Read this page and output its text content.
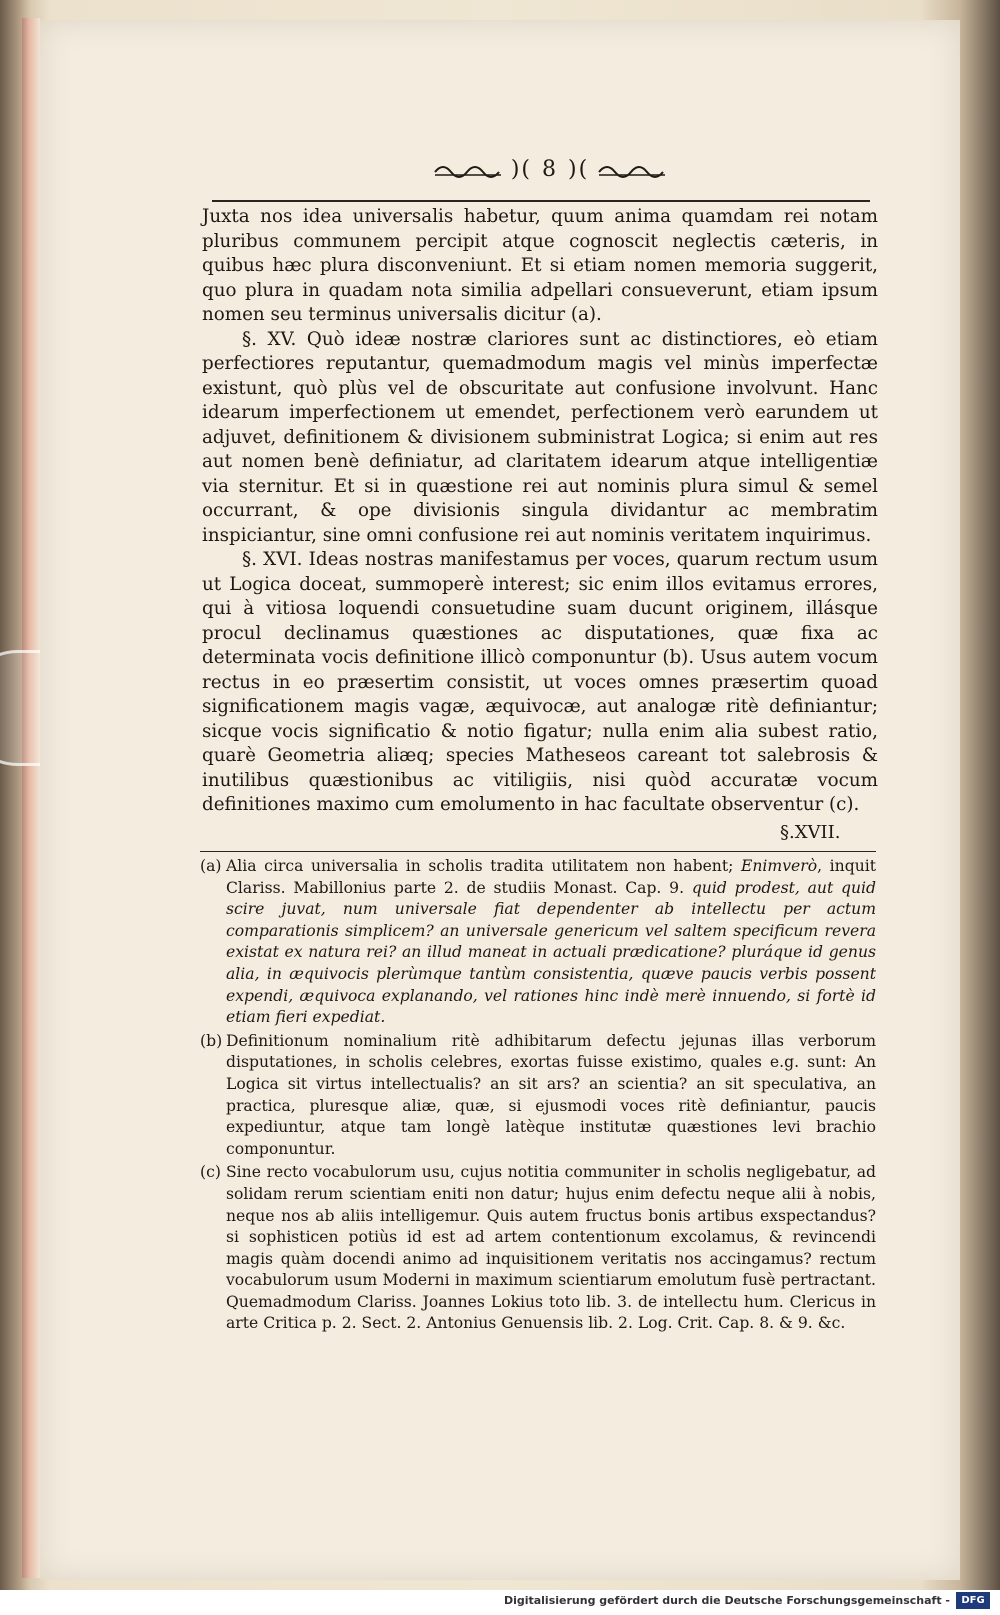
)( 8 )(

Juxta nos idea universalis habetur, quum anima quamdam rei notam pluribus communem percipit atque cognoscit neglectis cæteris, in quibus hæc plura disconveniunt. Et si etiam nomen memoria suggerit, quo plura in quadam nota similia adpellari consueverunt, etiam ipsum nomen seu terminus universalis dicitur (a).

§. XV. Quò ideæ nostræ clariores sunt ac distinctiores, eò etiam perfectiores reputantur, quemadmodum magis vel minùs imperfectæ existunt, quò plùs vel de obscuritate aut confusione involvunt. Hanc idearum imperfectionem ut emendet, perfectionem verò earundem ut adjuvet, definitionem & divisionem subministrat Logica; si enim aut res aut nomen benè definiatur, ad claritatem idearum atque intelligentiæ via sternitur. Et si in quæstione rei aut nominis plura simul & semel occurrant, & ope divisionis singula dividantur ac membratim inspiciantur, sine omni confusione rei aut nominis veritatem inquirimus.

§. XVI. Ideas nostras manifestamus per voces, quarum rectum usum ut Logica doceat, summoperè interest; sic enim illos evitamus errores, qui à vitiosa loquendi consuetudine suam ducunt originem, illásque procul declinamus quæstiones ac disputationes, quæ fixa ac determinata vocis definitione illicò componuntur (b). Usus autem vocum rectus in eo præsertim consistit, ut voces omnes præsertim quoad significationem magis vagæ, æquivocæ, aut analogæ ritè definiantur; sicque vocis significatio & notio figatur; nulla enim alia subest ratio, quarè Geometria aliæq; species Matheseos careant tot salebrosis & inutilibus quæstionibus ac vitiligiis, nisi quòd accuratæ vocum definitiones maximo cum emolumento in hac facultate observentur (c).

§.XVII.
(a) Alia circa universalia in scholis tradita utilitatem non habent; Enimverò, inquit Clariss. Mabillonius parte 2. de studiis Monast. Cap. 9. quid prodest, aut quid scire juvat, num universale fiat dependenter ab intellectu per actum comparationis simplicem? an universale genericum vel saltem specificum revera existat ex natura rei? an illud maneat in actuali prædicatione? pluráque id genus alia, in æquivocis plerùmque tantùm consistentia, quæve paucis verbis possent expendi, æquivoca explanando, vel rationes hinc indè merè innuendo, si fortè id etiam fieri expediat.
(b) Definitionum nominalium ritè adhibitarum defectu jejunas illas verborum disputationes, in scholis celebres, exortas fuisse existimo, quales e.g. sunt: An Logica sit virtus intellectualis? an sit ars? an scientia? an sit speculativa, an practica, pluresque aliæ, quæ, si ejusmodi voces ritè definiantur, paucis expediuntur, atque tam longè latèque institutæ quæstiones levi brachio componuntur.
(c) Sine recto vocabulorum usu, cujus notitia communiter in scholis negligebatur, ad solidam rerum scientiam eniti non datur; hujus enim defectu neque alii à nobis, neque nos ab aliis intelligemur. Quis autem fructus bonis artibus exspectandus? si sophisticen potiùs id est ad artem contentionum excolamus, & revincendi magis quàm docendi animo ad inquisitionem veritatis nos accingamus? rectum vocabulorum usum Moderni in maximum scientiarum emolutum fusè pertractant. Quemadmodum Clariss. Joannes Lokius toto lib. 3. de intellectu hum. Clericus in arte Critica p. 2. Sect. 2. Antonius Genuensis lib. 2. Log. Crit. Cap. 8. & 9. &c.
Digitalisierung gefördert durch die Deutsche Forschungsgemeinschaft -	DFG
